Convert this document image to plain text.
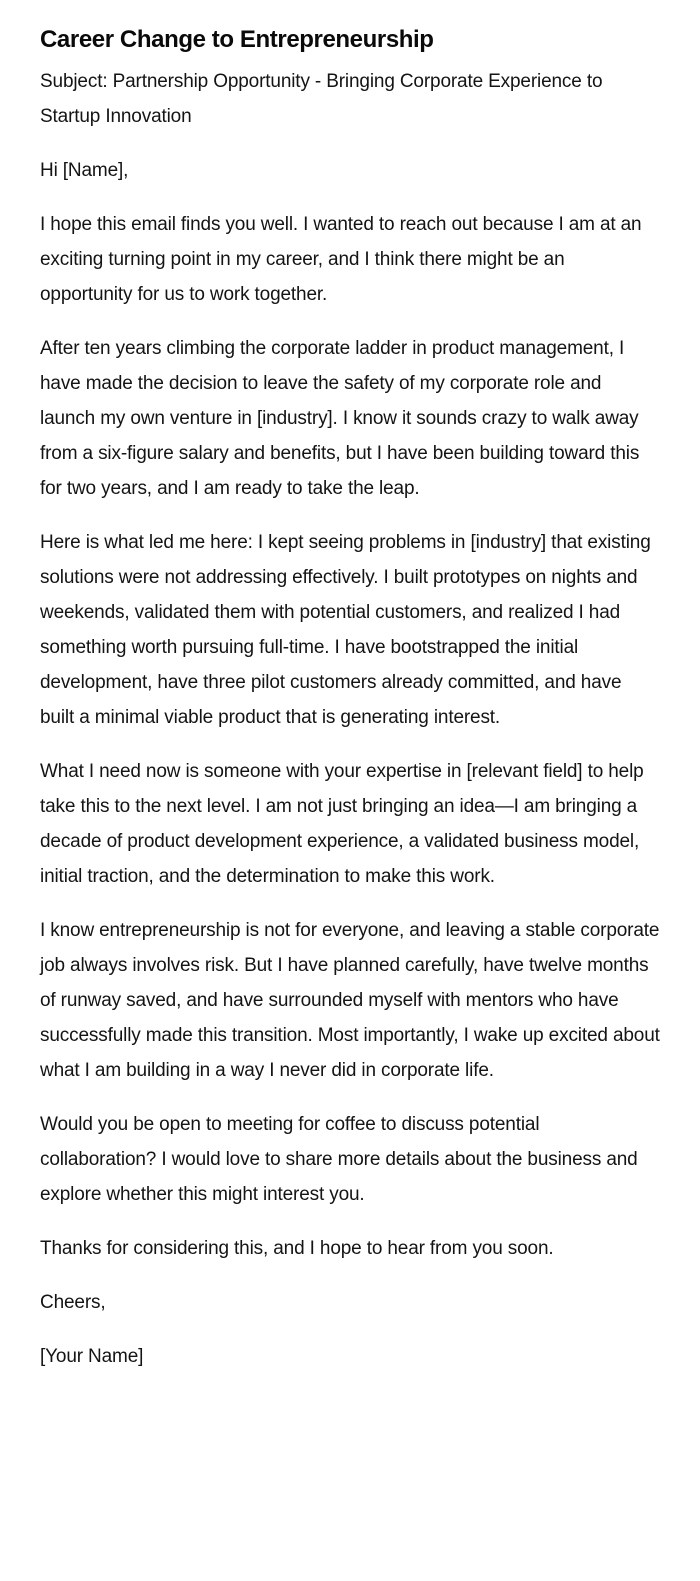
Career Change to Entrepreneurship

Subject: Partnership Opportunity - Bringing Corporate Experience to Startup Innovation

Hi [Name],

I hope this email finds you well. I wanted to reach out because I am at an exciting turning point in my career, and I think there might be an opportunity for us to work together.

After ten years climbing the corporate ladder in product management, I have made the decision to leave the safety of my corporate role and launch my own venture in [industry]. I know it sounds crazy to walk away from a six-figure salary and benefits, but I have been building toward this for two years, and I am ready to take the leap.

Here is what led me here: I kept seeing problems in [industry] that existing solutions were not addressing effectively. I built prototypes on nights and weekends, validated them with potential customers, and realized I had something worth pursuing full-time. I have bootstrapped the initial development, have three pilot customers already committed, and have built a minimal viable product that is generating interest.

What I need now is someone with your expertise in [relevant field] to help take this to the next level. I am not just bringing an idea—I am bringing a decade of product development experience, a validated business model, initial traction, and the determination to make this work.

I know entrepreneurship is not for everyone, and leaving a stable corporate job always involves risk. But I have planned carefully, have twelve months of runway saved, and have surrounded myself with mentors who have successfully made this transition. Most importantly, I wake up excited about what I am building in a way I never did in corporate life.

Would you be open to meeting for coffee to discuss potential collaboration? I would love to share more details about the business and explore whether this might interest you.

Thanks for considering this, and I hope to hear from you soon.

Cheers,

[Your Name]
